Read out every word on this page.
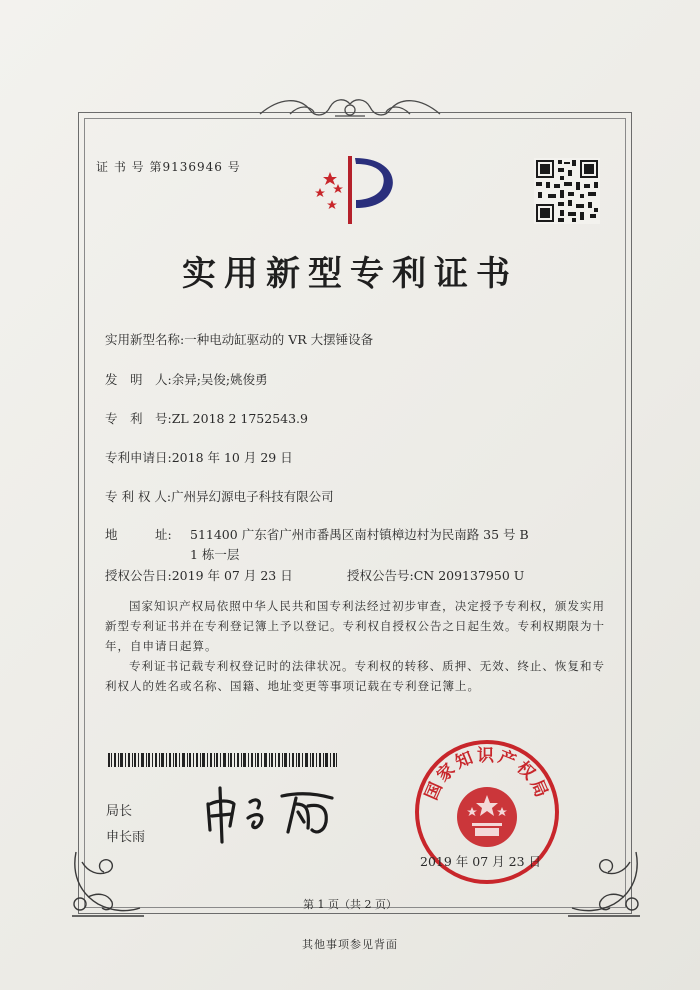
证 书 号 第9136946 号
实用新型专利证书
实用新型名称:一种电动缸驱动的 VR 大摆锤设备
发　明　人:余异;吴俊;姚俊勇
专　利　号:ZL 2018 2 1752543.9
专利申请日:2018 年 10 月 29 日
专 利 权 人:广州异幻源电子科技有限公司
地　　　址: 511400 广东省广州市番禺区南村镇樟边村为民南路 35 号 B
1 栋一层
授权公告日:2019 年 07 月 23 日	授权公告号:CN 209137950 U
国家知识产权局依照中华人民共和国专利法经过初步审查，决定授予专利权，颁发实用新型专利证书并在专利登记簿上予以登记。专利权自授权公告之日起生效。专利权期限为十年，自申请日起算。
专利证书记载专利权登记时的法律状况。专利权的转移、质押、无效、终止、恢复和专利权人的姓名或名称、国籍、地址变更等事项记载在专利登记簿上。
局长
申长雨
国家知识产权局
2019 年 07 月 23 日
第 1 页（共 2 页）
其他事项参见背面
